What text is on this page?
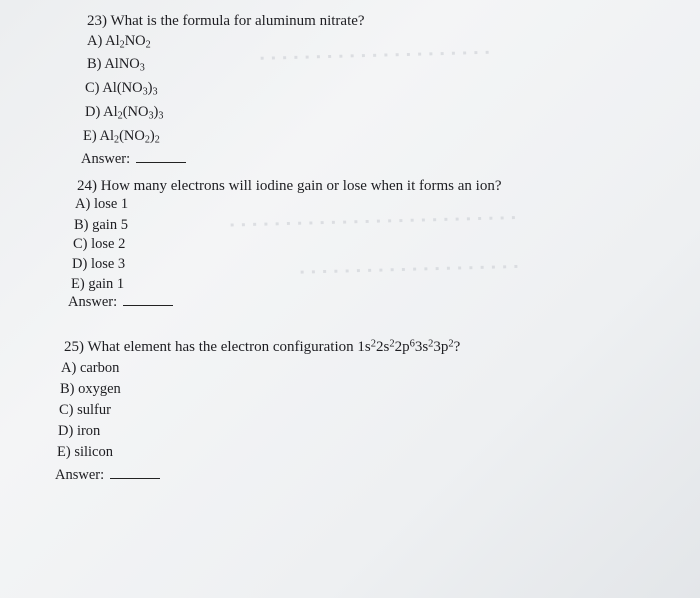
▪ ▪ ▪ ▪ ▪ ▪ ▪ ▪ ▪ ▪ ▪ ▪ ▪ ▪ ▪ ▪ ▪ ▪ ▪ ▪ ▪
▪ ▪ ▪ ▪ ▪ ▪ ▪ ▪ ▪ ▪ ▪ ▪ ▪ ▪ ▪ ▪ ▪ ▪ ▪ ▪ ▪ ▪ ▪ ▪ ▪ ▪
▪ ▪ ▪ ▪ ▪ ▪ ▪ ▪ ▪ ▪ ▪ ▪ ▪ ▪ ▪ ▪ ▪ ▪ ▪ ▪
23) What is the formula for aluminum nitrate?
A) $Al_2NO_2$
B) AlNO$_3$
C) $Al(NO_3)_3$
D) $Al_2(NO_3)_3$
E) $Al_2(NO_2)_2$
Answer:
24) How many electrons will iodine gain or lose when it forms an ion?
A) lose 1
B) gain 5
C) lose 2
D) lose 3
E) gain 1
Answer:
25) What element has the electron configuration $1s^22s^22p^63s^23p^2$?
A) carbon
B) oxygen
C) sulfur
D) iron
E) silicon
Answer:
